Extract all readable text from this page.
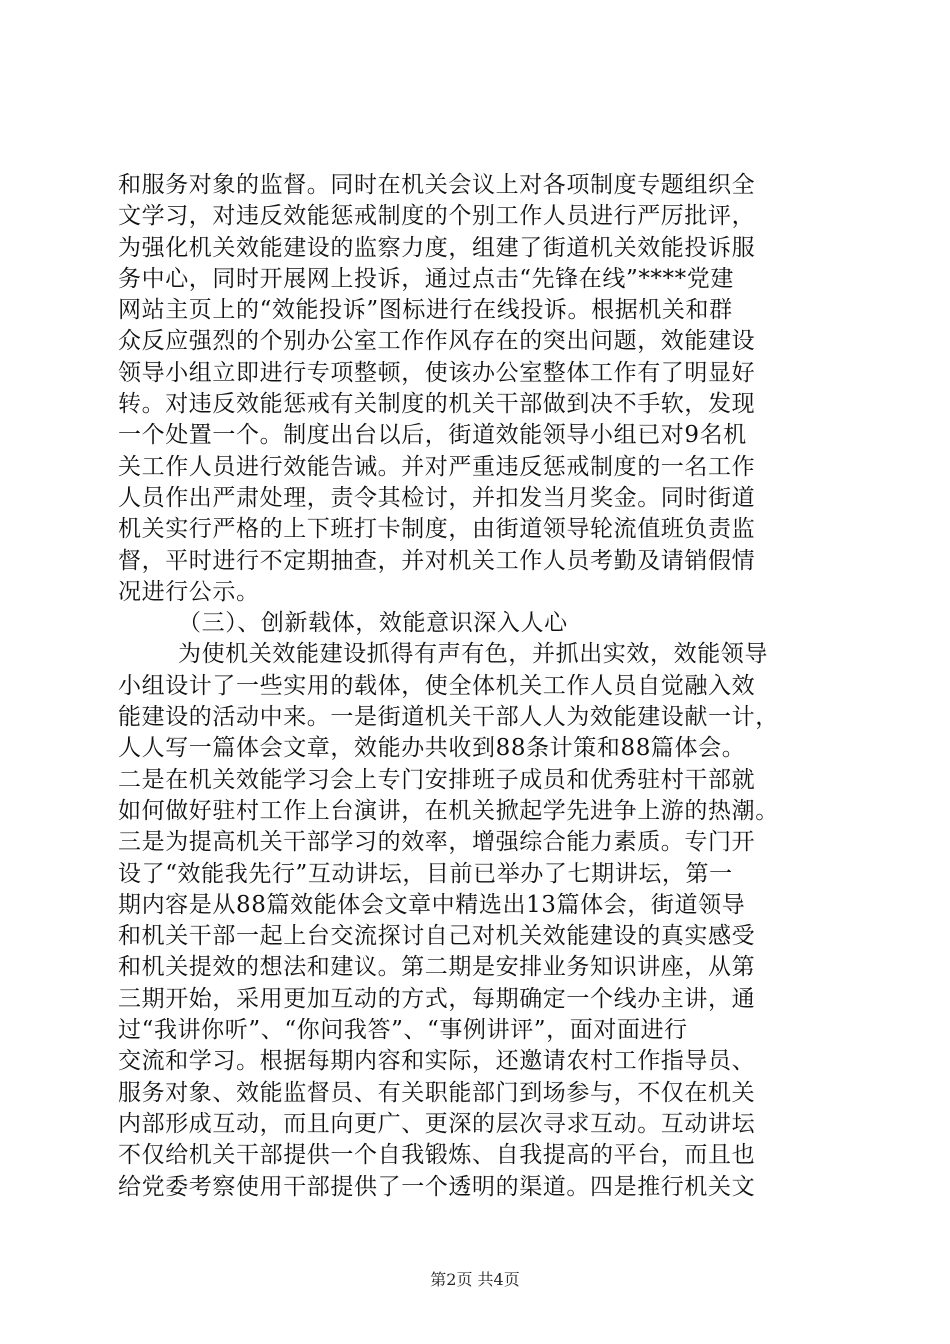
和服务对象的监督。同时在机关会议上对各项制度专题组织全
文学习，对违反效能惩戒制度的个别工作人员进行严厉批评，
为强化机关效能建设的监察力度，组建了街道机关效能投诉服
务中心，同时开展网上投诉，通过点击“先锋在线”****党建
网站主页上的“效能投诉”图标进行在线投诉。根据机关和群
众反应强烈的个别办公室工作作风存在的突出问题，效能建设
领导小组立即进行专项整顿，使该办公室整体工作有了明显好
转。对违反效能惩戒有关制度的机关干部做到决不手软，发现
一个处置一个。制度出台以后，街道效能领导小组已对9名机
关工作人员进行效能告诫。并对严重违反惩戒制度的一名工作
人员作出严肃处理，责令其检讨，并扣发当月奖金。同时街道
机关实行严格的上下班打卡制度，由街道领导轮流值班负责监
督，平时进行不定期抽查，并对机关工作人员考勤及请销假情
况进行公示。
（三）、创新载体，效能意识深入人心
为使机关效能建设抓得有声有色，并抓出实效，效能领导
小组设计了一些实用的载体，使全体机关工作人员自觉融入效
能建设的活动中来。一是街道机关干部人人为效能建设献一计，
人人写一篇体会文章，效能办共收到88条计策和88篇体会。
二是在机关效能学习会上专门安排班子成员和优秀驻村干部就
如何做好驻村工作上台演讲，在机关掀起学先进争上游的热潮。
三是为提高机关干部学习的效率，增强综合能力素质。专门开
设了“效能我先行”互动讲坛，目前已举办了七期讲坛，第一
期内容是从88篇效能体会文章中精选出13篇体会，街道领导
和机关干部一起上台交流探讨自己对机关效能建设的真实感受
和机关提效的想法和建议。第二期是安排业务知识讲座，从第
三期开始，采用更加互动的方式，每期确定一个线办主讲，通
过“我讲你听”、“你问我答”、“事例讲评”，面对面进行
交流和学习。根据每期内容和实际，还邀请农村工作指导员、
服务对象、效能监督员、有关职能部门到场参与，不仅在机关
内部形成互动，而且向更广、更深的层次寻求互动。互动讲坛
不仅给机关干部提供一个自我锻炼、自我提高的平台，而且也
给党委考察使用干部提供了一个透明的渠道。四是推行机关文
第2页 共4页
